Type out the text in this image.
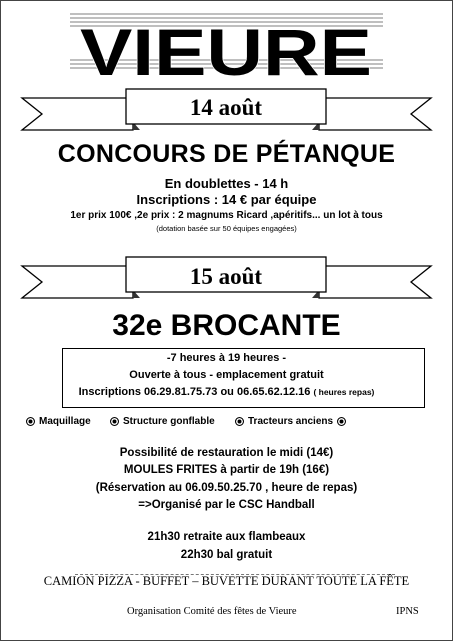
VIEURE
14 août
CONCOURS DE PÉTANQUE
En doublettes - 14 h
Inscriptions : 14 € par équipe
1er prix 100€ ,2e prix : 2 magnums Ricard ,apéritifs... un lot à tous
(dotation basée sur 50 équipes engagées)
15 août
32e BROCANTE
-7 heures à 19 heures -
Ouverte à tous - emplacement gratuit
Inscriptions 06.29.81.75.73 ou 06.65.62.12.16 ( heures repas)
Maquillage	Structure gonflable	Tracteurs anciens
Possibilité de restauration le midi (14€)
MOULES FRITES à partir de 19h (16€)
(Réservation au 06.09.50.25.70 , heure de repas)
=>Organisé par le CSC Handball
21h30 retraite aux flambeaux
22h30 bal gratuit
CAMION PIZZA - BUFFET – BUVETTE DURANT TOUTE LA FÊTE
Organisation Comité des fêtes de Vieure	IPNS
